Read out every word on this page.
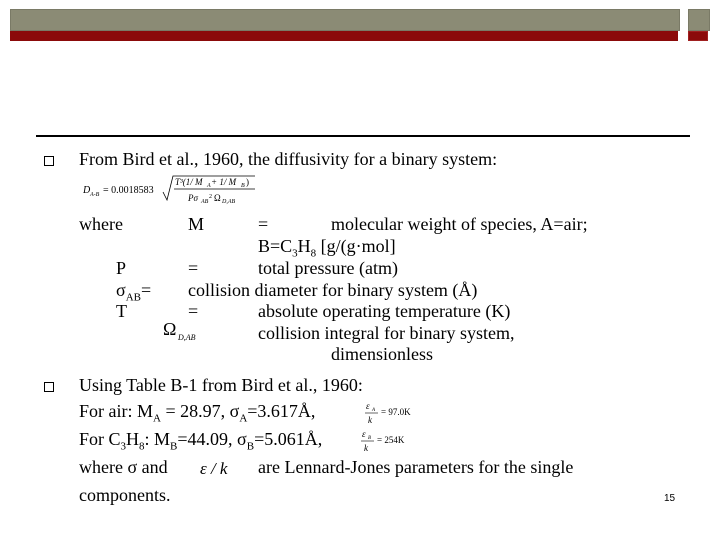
From Bird et al., 1960, the diffusivity for a binary system:
D A-B = 0.0018583
T³(1/ M A + 1/ M B )
Pσ AB
2 Ω D,AB
where	M	=	molecular weight of species, A=air;
$B=C_3H_8$ [g/(g·mol]
P	=	total pressure (atm)
$\sigma_{AB}=$ collision diameter for binary system (Å)
T	=	absolute operating temperature (K)
Ω D,AB	collision integral for binary system,
dimensionless
Using Table B-1 from Bird et al., 1960:
For air: $M_A = 28.97$, $\sigma_A=3.617Å$,	ε A
k
= 97.0K
For $C_3H_8$: $M_B=44.09$, $\sigma_B=5.061Å$,	ε B
k
= 254K
where σ and ε / k are Lennard-Jones parameters for the single
components.	15
